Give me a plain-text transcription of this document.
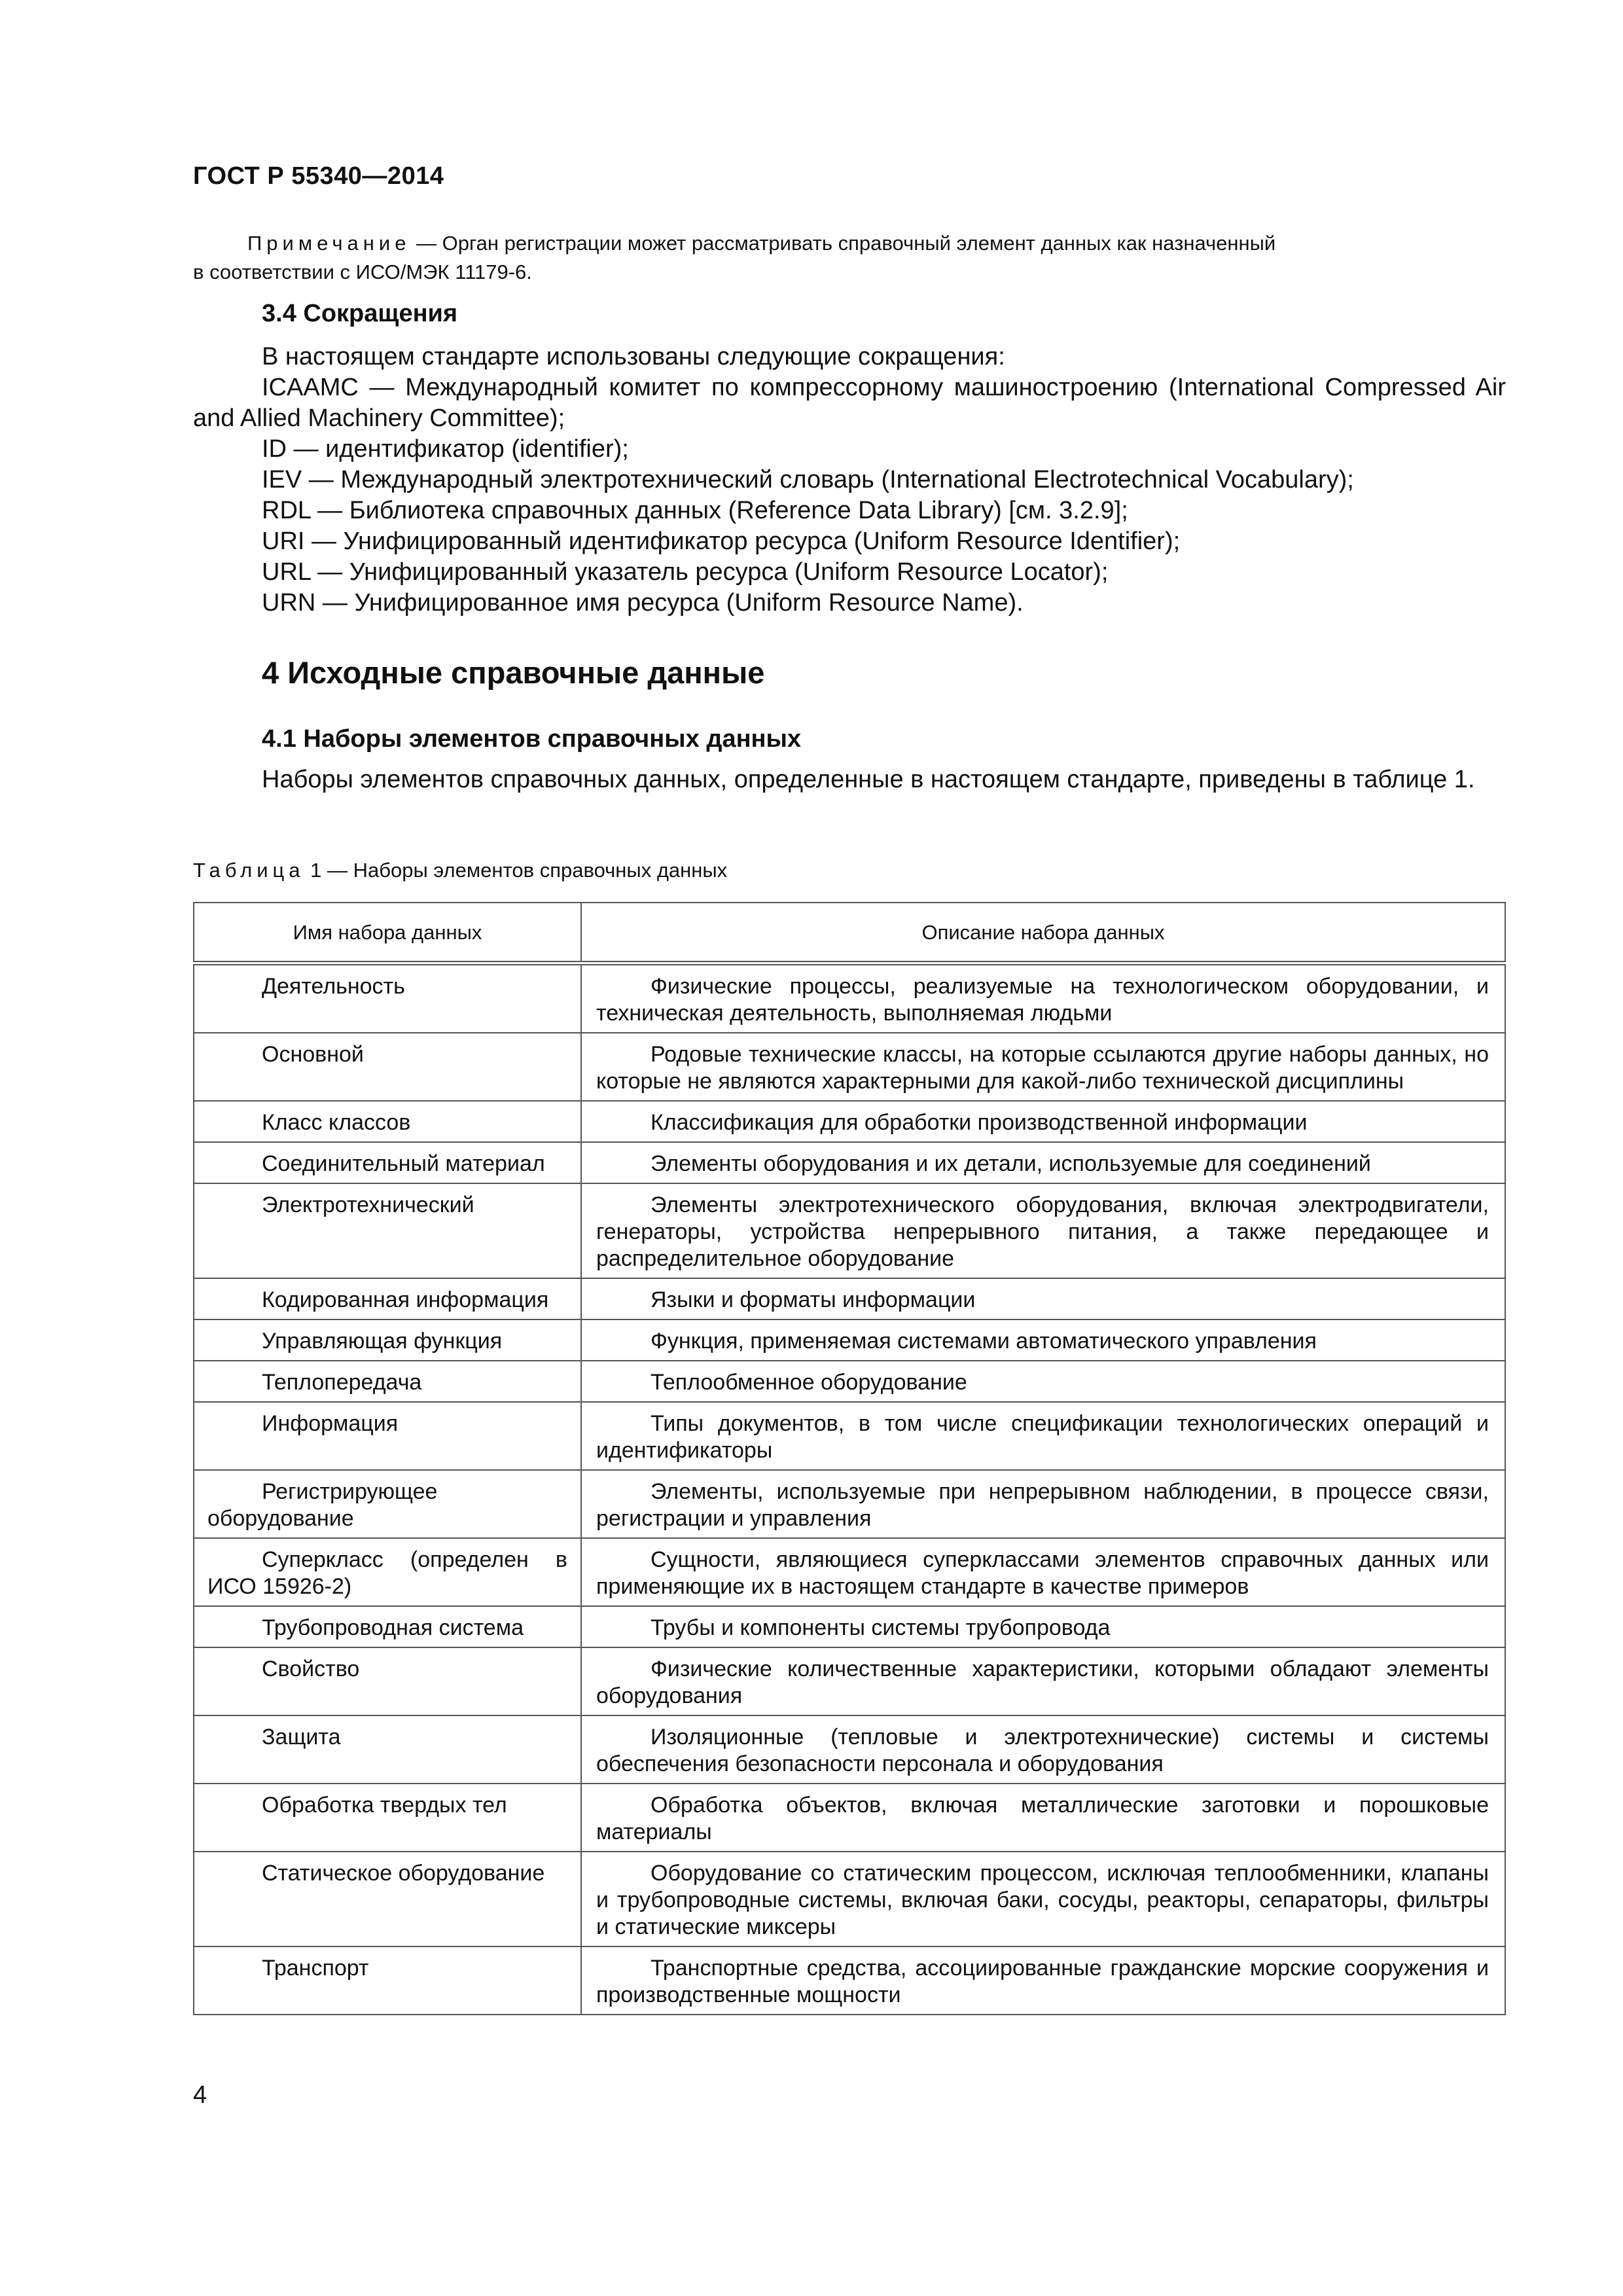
ГОСТ Р 55340—2014
Примечание — Орган регистрации может рассматривать справочный элемент данных как назначенный
в соответствии с ИСО/МЭК 11179-6.
3.4 Сокращения
В настоящем стандарте использованы следующие сокращения:
ICAAMC — Международный комитет по компрессорному машиностроению (International Compressed Air and Allied Machinery Committee);
ID — идентификатор (identifier);
IEV — Международный электротехнический словарь (International Electrotechnical Vocabulary);
RDL — Библиотека справочных данных (Reference Data Library) [см. 3.2.9];
URI — Унифицированный идентификатор ресурса (Uniform Resource Identifier);
URL — Унифицированный указатель ресурса (Uniform Resource Locator);
URN — Унифицированное имя ресурса (Uniform Resource Name).
4 Исходные справочные данные
4.1 Наборы элементов справочных данных
Наборы элементов справочных данных, определенные в настоящем стандарте, приведены в таблице 1.
Таблица 1 — Наборы элементов справочных данных
Имя набора данных	Описание набора данных
Деятельность	Физические процессы, реализуемые на технологическом оборудовании, и техническая деятельность, выполняемая людьми
Основной	Родовые технические классы, на которые ссылаются другие наборы данных, но которые не являются характерными для какой-либо технической дисциплины
Класс классов	Классификация для обработки производственной информации
Соединительный материал	Элементы оборудования и их детали, используемые для соединений
Электротехнический	Элементы электротехнического оборудования, включая электродвигатели, генераторы, устройства непрерывного питания, а также передающее и распределительное оборудование
Кодированная информация	Языки и форматы информации
Управляющая функция	Функция, применяемая системами автоматического управления
Теплопередача	Теплообменное оборудование
Информация	Типы документов, в том числе спецификации технологических операций и идентификаторы
Регистрирующее оборудование	Элементы, используемые при непрерывном наблюдении, в процессе связи, регистрации и управления
Суперкласс (определен в ИСО 15926-2)	Сущности, являющиеся суперклассами элементов справочных данных или применяющие их в настоящем стандарте в качестве примеров
Трубопроводная система	Трубы и компоненты системы трубопровода
Свойство	Физические количественные характеристики, которыми обладают элементы оборудования
Защита	Изоляционные (тепловые и электротехнические) системы и системы обеспечения безопасности персонала и оборудования
Обработка твердых тел	Обработка объектов, включая металлические заготовки и порошковые материалы
Статическое оборудование	Оборудование со статическим процессом, исключая теплообменники, клапаны и трубопроводные системы, включая баки, сосуды, реакторы, сепараторы, фильтры и статические миксеры
Транспорт	Транспортные средства, ассоциированные гражданские морские сооружения и производственные мощности
4
